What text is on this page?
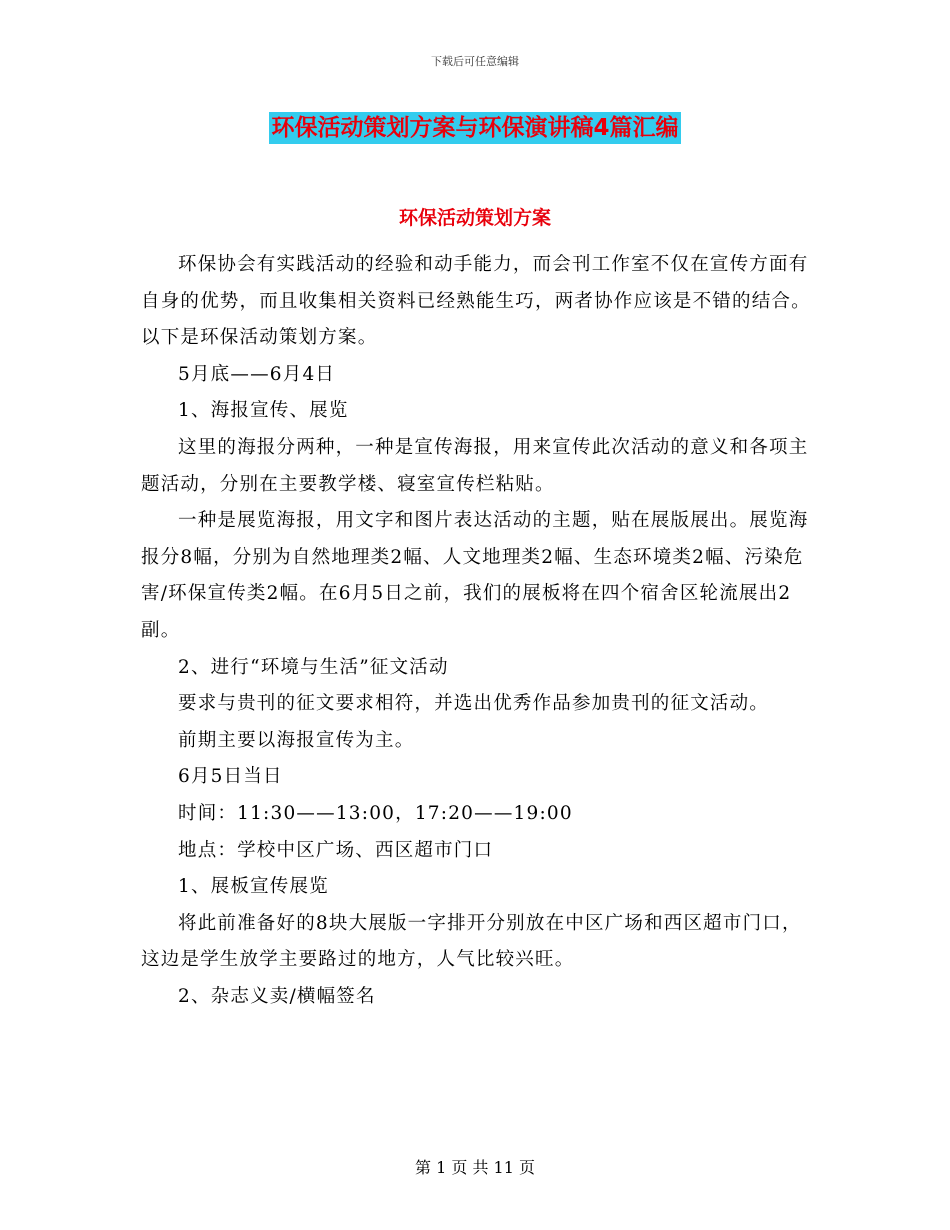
下载后可任意编辑
环保活动策划方案与环保演讲稿4篇汇编
环保活动策划方案

环保协会有实践活动的经验和动手能力，而会刊工作室不仅在宣传方面有自身的优势，而且收集相关资料已经熟能生巧，两者协作应该是不错的结合。以下是环保活动策划方案。

5月底——6月4日

1、海报宣传、展览

这里的海报分两种，一种是宣传海报，用来宣传此次活动的意义和各项主题活动，分别在主要教学楼、寝室宣传栏粘贴。

一种是展览海报，用文字和图片表达活动的主题，贴在展版展出。展览海报分8幅，分别为自然地理类2幅、人文地理类2幅、生态环境类2幅、污染危害/环保宣传类2幅。在6月5日之前，我们的展板将在四个宿舍区轮流展出2副。

2、进行“环境与生活”征文活动

要求与贵刊的征文要求相符，并选出优秀作品参加贵刊的征文活动。

前期主要以海报宣传为主。

6月5日当日

时间：11:30——13:00，17:20——19:00

地点：学校中区广场、西区超市门口

1、展板宣传展览

将此前准备好的8块大展版一字排开分别放在中区广场和西区超市门口，这边是学生放学主要路过的地方，人气比较兴旺。

2、杂志义卖/横幅签名

第 1 页 共 11 页
